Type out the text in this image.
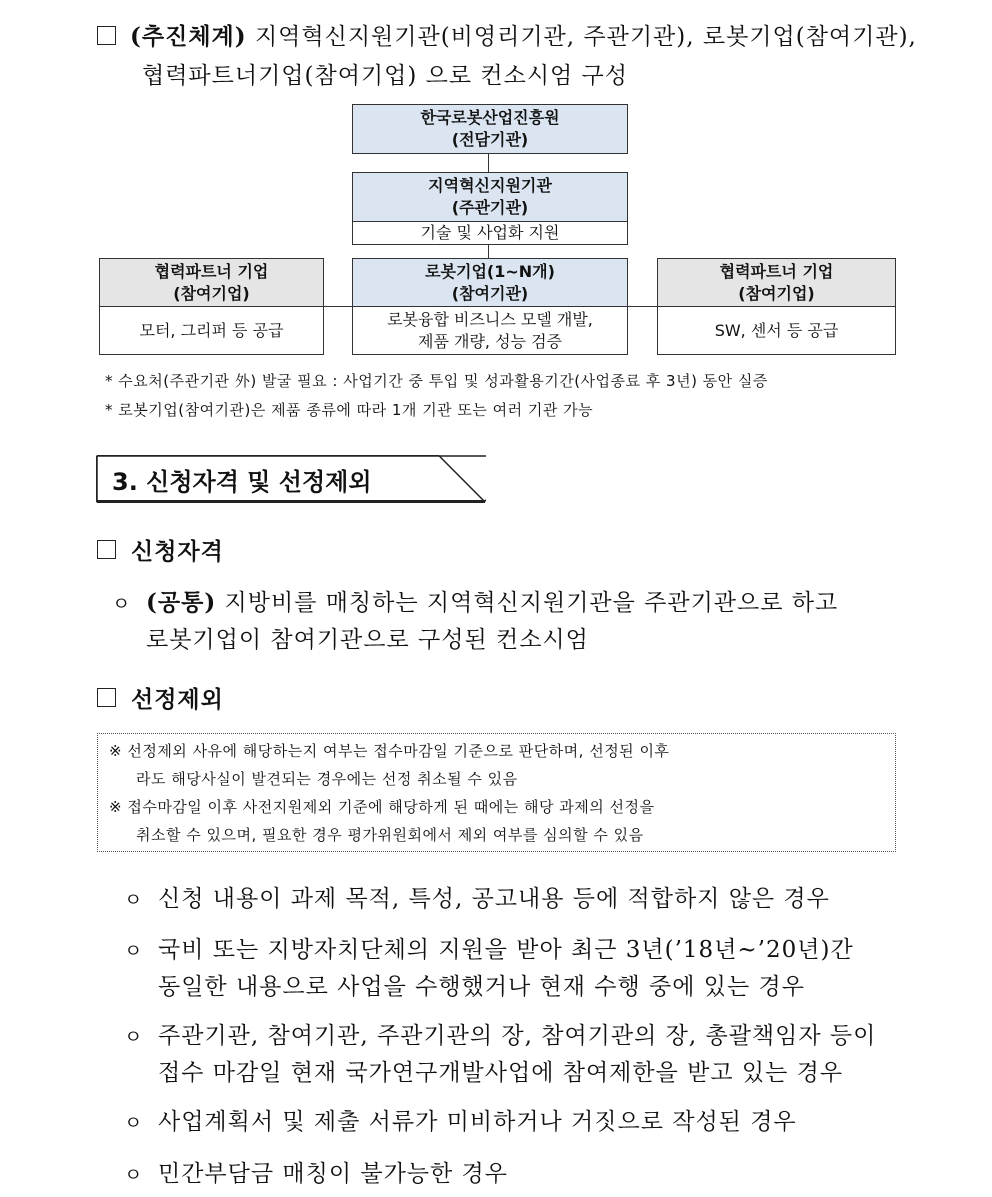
(추진체계) 지역혁신지원기관(비영리기관, 주관기관), 로봇기업(참여기관),
협력파트너기업(참여기업) 으로 컨소시엄 구성
한국로봇산업진흥원
(전담기관)
지역혁신지원기관
(주관기관)
기술 및 사업화 지원
협력파트너 기업
(참여기업)
모터, 그리퍼 등 공급
로봇기업(1~N개)
(참여기관)
로봇융합 비즈니스 모델 개발,
제품 개량, 성능 검증
협력파트너 기업
(참여기업)
SW, 센서 등 공급
* 수요처(주관기관 外) 발굴 필요 : 사업기간 중 투입 및 성과활용기간(사업종료 후 3년) 동안 실증
* 로봇기업(참여기관)은 제품 종류에 따라 1개 기관 또는 여러 기관 가능
3. 신청자격 및 선정제외
신청자격
ㅇ (공통) 지방비를 매칭하는 지역혁신지원기관을 주관기관으로 하고
로봇기업이 참여기관으로 구성된 컨소시엄
선정제외
※ 선정제외 사유에 해당하는지 여부는 접수마감일 기준으로 판단하며, 선정된 이후
라도 해당사실이 발견되는 경우에는 선정 취소될 수 있음
※ 접수마감일 이후 사전지원제외 기준에 해당하게 된 때에는 해당 과제의 선정을
취소할 수 있으며, 필요한 경우 평가위원회에서 제외 여부를 심의할 수 있음
ㅇ 신청 내용이 과제 목적, 특성, 공고내용 등에 적합하지 않은 경우
ㅇ 국비 또는 지방자치단체의 지원을 받아 최근 3년(’18년~’20년)간
동일한 내용으로 사업을 수행했거나 현재 수행 중에 있는 경우
ㅇ 주관기관, 참여기관, 주관기관의 장, 참여기관의 장, 총괄책임자 등이
접수 마감일 현재 국가연구개발사업에 참여제한을 받고 있는 경우
ㅇ 사업계획서 및 제출 서류가 미비하거나 거짓으로 작성된 경우
ㅇ 민간부담금 매칭이 불가능한 경우
